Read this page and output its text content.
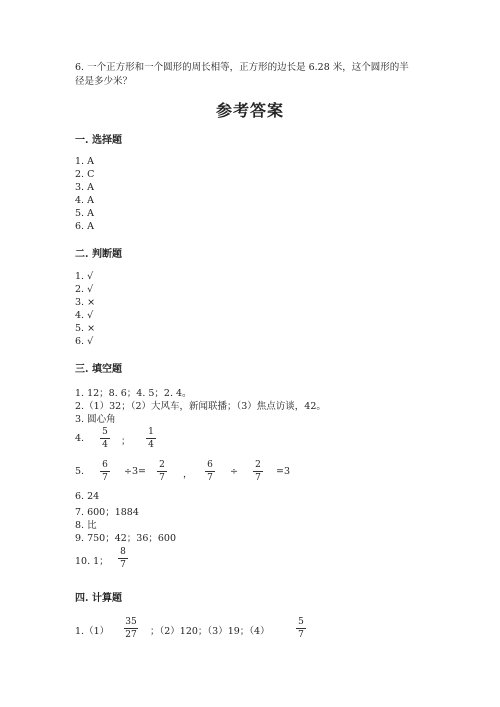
6. 一个正方形和一个圆形的周长相等，正方形的边长是 6.28 米，这个圆形的半
径是多少米？
参考答案
一. 选择题
1. A
2. C
3. A
4. A
5. A
6. A
二. 判断题
1. √
2. √
3. ×
4. √
5. ×
6. √
三. 填空题
1. 12；8. 6；4. 5；2. 4。
2.（1）32；（2）大风车，新闻联播；（3）焦点访谈，42。
3. 圆心角
4.
5
4 ；
1
4
5.
6
7
÷3=
2
7 ，
6
7
÷
2
7
=3
6. 24
7. 600；1884
8. 比
9. 750；42；36；600
10. 1；
8
7
四. 计算题
1.（1）
35
27 ；（2）120；（3）19；（4）
5
7
